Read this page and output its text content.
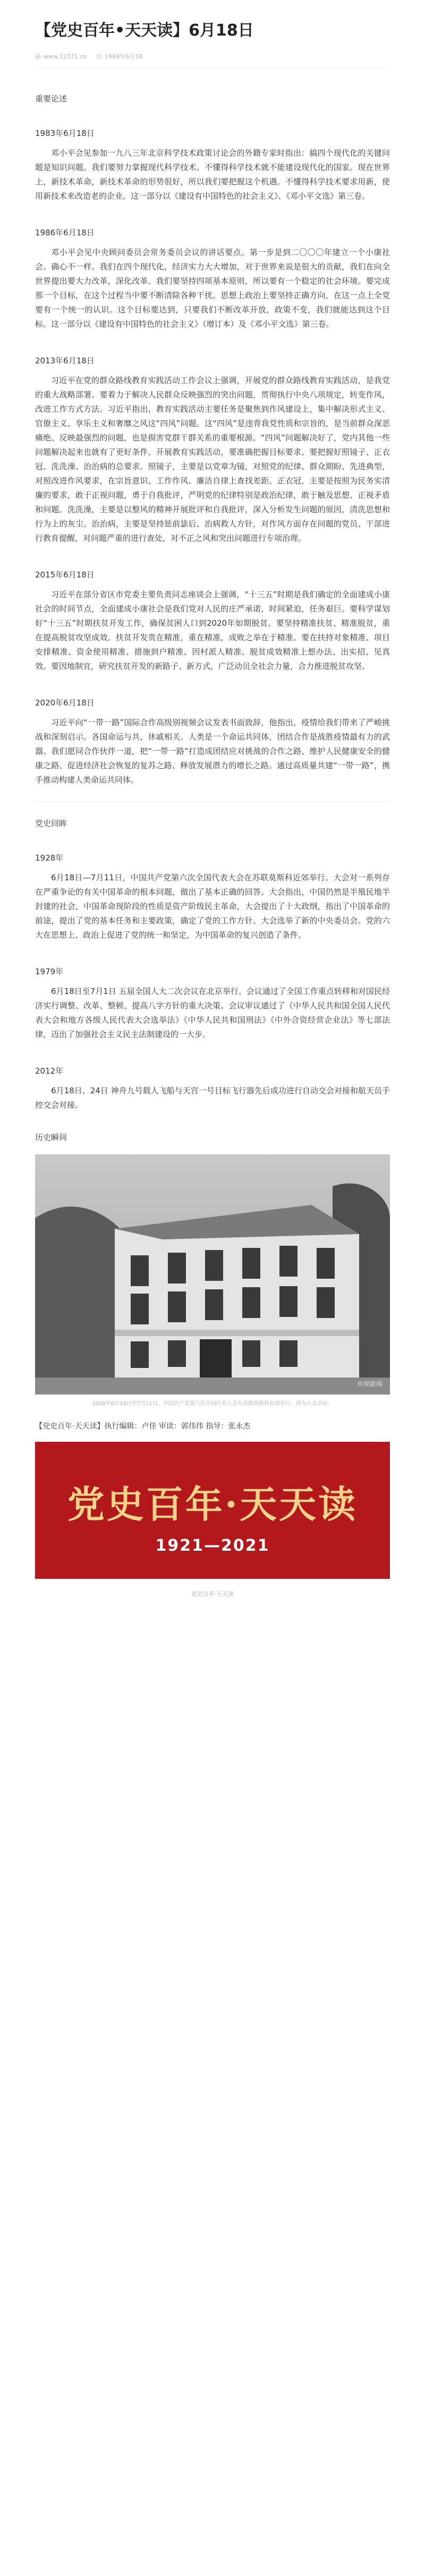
【党史百年•天天读】6月18日
www.12371.cn	1969年6月18
重要论述
1983年6月18日

邓小平会见参加一九八三年北京科学技术政策讨论会的外籍专家时指出：搞四个现代化的关键问题是知识问题。我们要努力掌握现代科学技术。不懂得科学技术就不能建设现代化的国家。现在世界上，新技术革命，新技术革命的形势很好，所以我们要把握这个机遇。不懂得科学技术要求用新，使用新技术来改造老的企业。这一部分以《建设有中国特色的社会主义》、《邓小平文选》第三卷。

1986年6月18日

邓小平会见中央顾问委员会常务委员会议的讲话要点。第一步是到二〇〇〇年建立一个小康社会。确心不一样。我们在四个现代化，经济实力大大增加，对于世界来说是很大的贡献，我们在向全世界提出要大力改革，深化改革。我们要坚持四项基本原则，所以要有一个稳定的社会环境。要完成那一个目标，在这个过程当中要不断清除各种干扰。思想上政治上要坚持正确方向，在这一点上全党要有一个统一的认识。这个目标要达到，只要我们不断改革开放，政策不变，我们就能达到这个目标。这一部分以《建设有中国特色的社会主义》（增订本）及《邓小平文选》第三卷。

2013年6月18日

习近平在党的群众路线教育实践活动工作会议上强调，开展党的群众路线教育实践活动，是我党的重大战略部署。要着力于解决人民群众反映强烈的突出问题，贯彻执行中央八项规定，转变作风，改进工作方式方法。习近平指出，教育实践活动主要任务是聚焦到作风建设上，集中解决形式主义、官僚主义、享乐主义和奢靡之风这“四风”问题。这“四风”是违背我党性质和宗旨的，是当前群众深恶痛绝、反映最强烈的问题，也是损害党群干群关系的重要根源。“四风”问题解决好了，党内其他一些问题解决起来也就有了更好条件。开展教育实践活动，要准确把握目标要求。要把握好照镜子、正衣冠、洗洗澡、治治病的总要求。照镜子，主要是以党章为镜，对照党的纪律、群众期盼、先进典型，对照改进作风要求，在宗旨意识、工作作风、廉洁自律上查找差距。正衣冠，主要是按照为民务实清廉的要求，敢于正视问题，勇于自我批评，严明党的纪律特别是政治纪律，敢于触及思想、正视矛盾和问题。洗洗澡，主要是以整风的精神开展批评和自我批评，深入分析发生问题的原因，清洗思想和行为上的灰尘。治治病，主要是坚持惩前毖后、治病救人方针，对作风方面存在问题的党员、干部进行教育提醒，对问题严重的进行查处，对不正之风和突出问题进行专项治理。

2015年6月18日

习近平在部分省区市党委主要负责同志座谈会上强调，“十三五”时期是我们确定的全面建成小康社会的时间节点，全面建成小康社会是我们党对人民的庄严承诺，时间紧迫，任务艰巨。要科学谋划好“十三五”时期扶贫开发工作，确保贫困人口到2020年如期脱贫。要坚持精准扶贫、精准脱贫，重在提高脱贫攻坚成效。扶贫开发贵在精准，重在精准，成败之举在于精准。要在扶持对象精准、项目安排精准、资金使用精准、措施到户精准、因村派人精准、脱贫成效精准上想办法、出实招、见真效。要因地制宜，研究扶贫开发的新路子、新方式，广泛动员全社会力量，合力推进脱贫攻坚。

2020年6月18日

习近平向“一带一路”国际合作高级别视频会议发表书面致辞，他指出，疫情给我们带来了严峻挑战和深刻启示。各国命运与共，休戚相关。人类是一个命运共同体，团结合作是战胜疫情最有力的武器。我们愿同合作伙伴一道，把“一带一路”打造成团结应对挑战的合作之路、维护人民健康安全的健康之路、促进经济社会恢复的复苏之路、释放发展潜力的增长之路。通过高质量共建“一带一路”，携手推动构建人类命运共同体。

党史回眸
1928年

6月18日—7月11日，中国共产党第六次全国代表大会在苏联莫斯科近郊举行。大会对一系列存在严重争论的有关中国革命的根本问题，做出了基本正确的回答。大会指出，中国仍然是半殖民地半封建的社会，中国革命现阶段的性质是资产阶级民主革命，大会提出了十大政纲，指出了中国革命的前途，提出了党的基本任务和主要政策，确定了党的工作方针。大会选举了新的中央委员会。党的六大在思想上、政治上促进了党的统一和坚定，为中国革命的复兴创造了条件。

1979年

6月18日至7月1日 五届全国人大二次会议在北京举行。会议通过了全国工作重点转移和对国民经济实行调整、改革、整顿、提高八字方针的重大决策。会议审议通过了《中华人民共和国全国人民代表大会和地方各级人民代表大会选举法》《中华人民共和国刑法》《中外合资经营企业法》等七部法律，迈出了加强社会主义民主法制建设的一大步。

2012年

6月18日、24日 神舟九号载人飞船与天宫一号目标飞行器先后成功进行自动交会对接和航天员手控交会对接。

历史瞬间
央视新闻
1928年6月18日至7月11日，中国共产党第六次全国代表大会在苏联莫斯科近郊举行。图为大会会址。
【党史百年·天天读】执行编辑：卢佳 审读：郭伟伟 指导：张永杰
党史百年·天天读
1921—2021
党史百年·天天读
